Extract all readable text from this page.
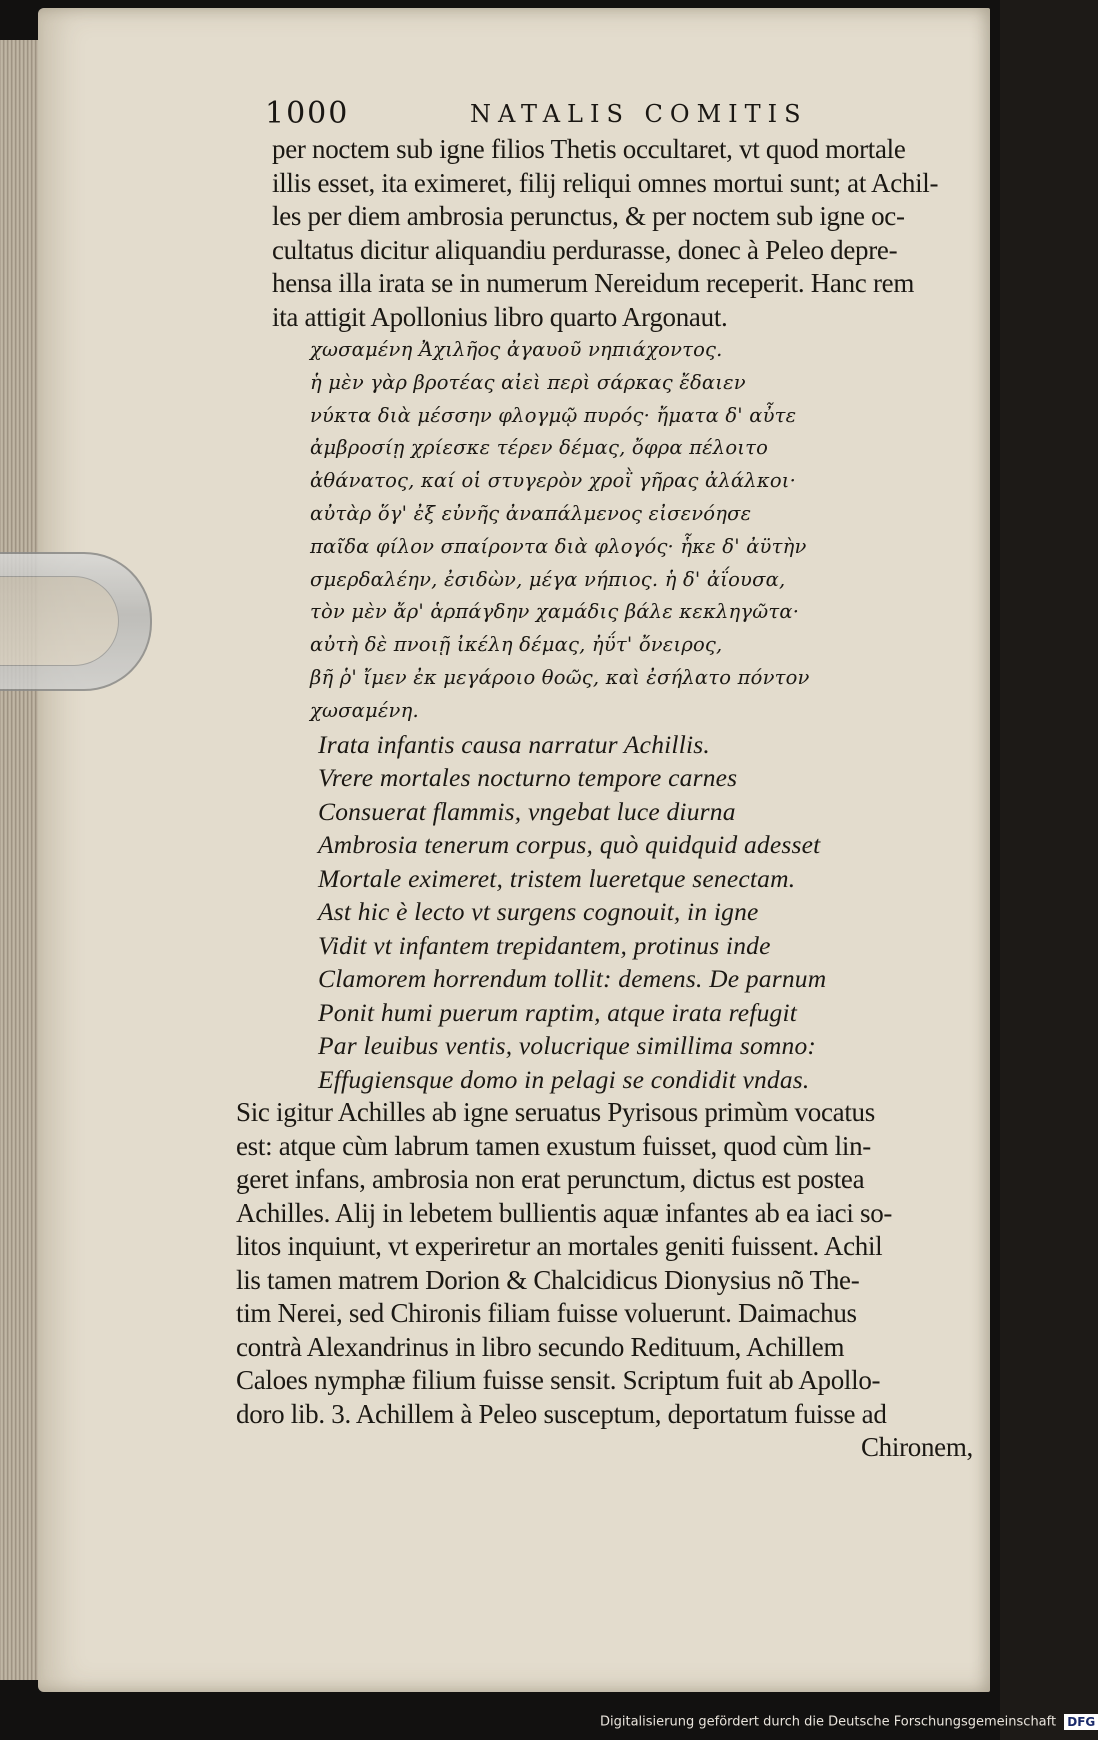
1000	NATALIS COMITIS
per noctem sub igne filios Thetis occultaret, vt quod mortale
illis esset, ita eximeret, filij reliqui omnes mortui sunt; at Achil-
les per diem ambrosia perunctus, & per noctem sub igne oc-
cultatus dicitur aliquandiu perdurasse, donec à Peleo depre-
hensa illa irata se in numerum Nereidum receperit. Hanc rem
ita attigit Apollonius libro quarto Argonaut.
χωσαμένη Ἀχιλῆος ἀγαυοῦ νηπιάχοντος.
ἡ μὲν γὰρ βροτέας αἰεὶ περὶ σάρκας ἔδαιεν
νύκτα διὰ μέσσην φλογμῷ πυρός· ἤματα δ' αὖτε
ἀμβροσίῃ χρίεσκε τέρεν δέμας, ὄφρα πέλοιτο
ἀθάνατος, καί οἱ στυγερὸν χροῒ γῆρας ἀλάλκοι·
αὐτὰρ ὅγ' ἐξ εὐνῆς ἀναπάλμενος εἰσενόησε
παῖδα φίλον σπαίροντα διὰ φλογός· ἧκε δ' ἀϋτὴν
σμερδαλέην, ἐσιδὼν, μέγα νήπιος. ἡ δ' ἀΐουσα,
τὸν μὲν ἄρ' ἁρπάγδην χαμάδις βάλε κεκληγῶτα·
αὐτὴ δὲ πνοιῇ ἰκέλη δέμας, ἠΰτ' ὄνειρος,
βῆ ῥ' ἴμεν ἐκ μεγάροιο θοῶς, καὶ ἐσήλατο πόντον
χωσαμένη.
Irata infantis causa narratur Achillis.
Vrere mortales nocturno tempore carnes
Consuerat flammis, vngebat luce diurna
Ambrosia tenerum corpus, quò quidquid adesset
Mortale eximeret, tristem lueretque senectam.
Ast hic è lecto vt surgens cognouit, in igne
Vidit vt infantem trepidantem, protinus inde
Clamorem horrendum tollit: demens. De parnum
Ponit humi puerum raptim, atque irata refugit
Par leuibus ventis, volucrique simillima somno:
Effugiensque domo in pelagi se condidit vndas.
Sic igitur Achilles ab igne seruatus Pyrisous primùm vocatus
est: atque cùm labrum tamen exustum fuisset, quod cùm lin-
geret infans, ambrosia non erat perunctum, dictus est postea
Achilles. Alij in lebetem bullientis aquæ infantes ab ea iaci so-
litos inquiunt, vt experiretur an mortales geniti fuissent. Achil
lis tamen matrem Dorion & Chalcidicus Dionysius nõ The-
tim Nerei, sed Chironis filiam fuisse voluerunt. Daimachus
contrà Alexandrinus in libro secundo Redituum, Achillem
Caloes nymphæ filium fuisse sensit. Scriptum fuit ab Apollo-
doro lib. 3. Achillem à Peleo susceptum, deportatum fuisse ad
Chironem,
Digitalisierung gefördert durch die Deutsche Forschungsgemeinschaft DFG
